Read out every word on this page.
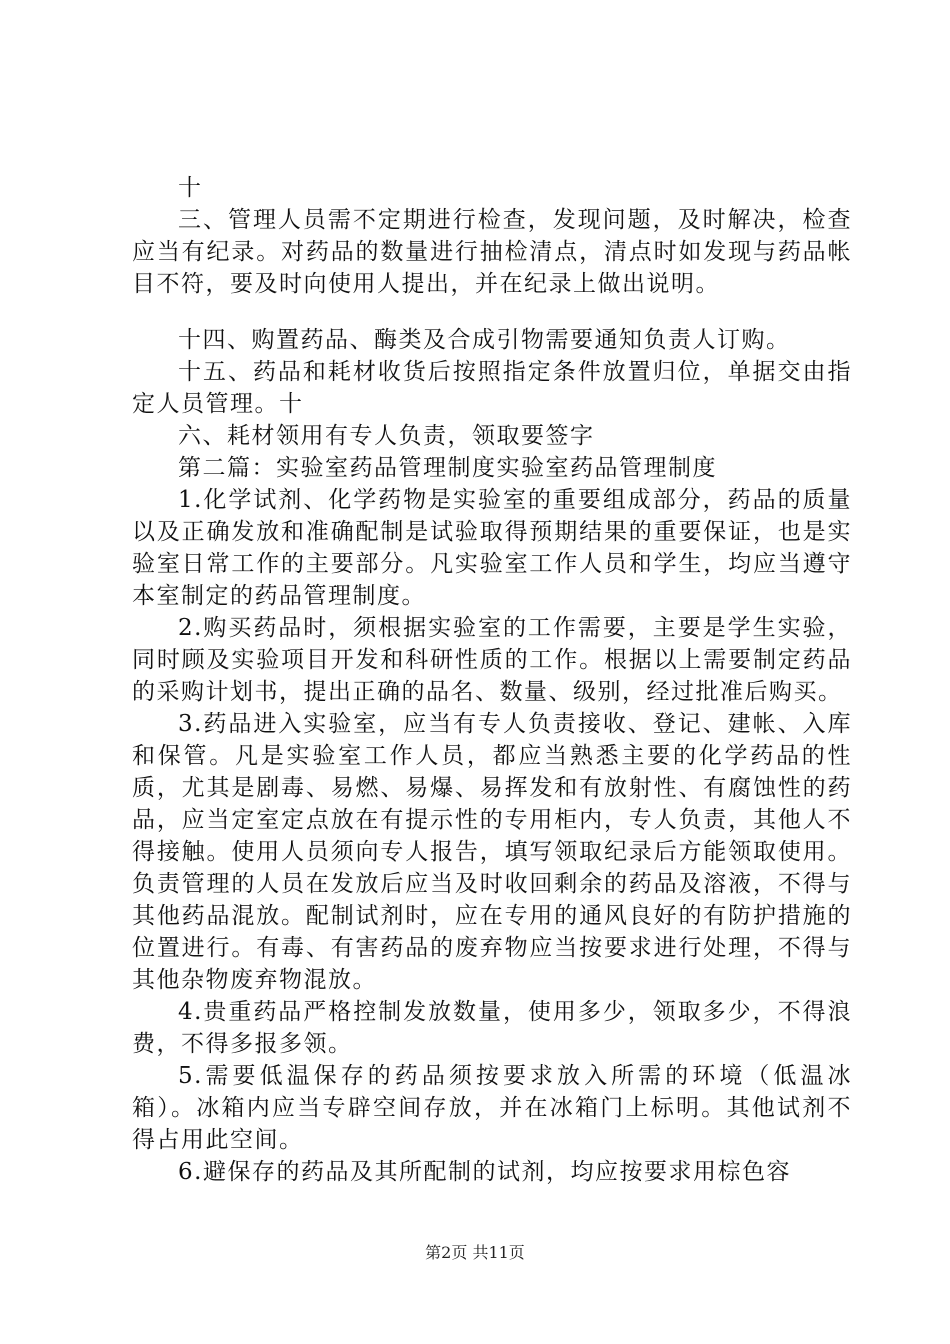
十

三、管理人员需不定期进行检查，发现问题，及时解决，检查应当有纪录。对药品的数量进行抽检清点，清点时如发现与药品帐目不符，要及时向使用人提出，并在纪录上做出说明。

十四、购置药品、酶类及合成引物需要通知负责人订购。

十五、药品和耗材收货后按照指定条件放置归位，单据交由指定人员管理。十

六、耗材领用有专人负责，领取要签字

第二篇：实验室药品管理制度实验室药品管理制度

1.化学试剂、化学药物是实验室的重要组成部分，药品的质量以及正确发放和准确配制是试验取得预期结果的重要保证，也是实验室日常工作的主要部分。凡实验室工作人员和学生，均应当遵守本室制定的药品管理制度。

2.购买药品时，须根据实验室的工作需要，主要是学生实验，同时顾及实验项目开发和科研性质的工作。根据以上需要制定药品的采购计划书，提出正确的品名、数量、级别，经过批准后购买。

3.药品进入实验室，应当有专人负责接收、登记、建帐、入库和保管。凡是实验室工作人员，都应当熟悉主要的化学药品的性质，尤其是剧毒、易燃、易爆、易挥发和有放射性、有腐蚀性的药品，应当定室定点放在有提示性的专用柜内，专人负责，其他人不得接触。使用人员须向专人报告，填写领取纪录后方能领取使用。负责管理的人员在发放后应当及时收回剩余的药品及溶液，不得与其他药品混放。配制试剂时，应在专用的通风良好的有防护措施的位置进行。有毒、有害药品的废弃物应当按要求进行处理，不得与其他杂物废弃物混放。

4.贵重药品严格控制发放数量，使用多少，领取多少，不得浪费，不得多报多领。

5.需要低温保存的药品须按要求放入所需的环境（低温冰箱）。冰箱内应当专辟空间存放，并在冰箱门上标明。其他试剂不得占用此空间。

6.避保存的药品及其所配制的试剂，均应按要求用棕色容

第2页 共11页
